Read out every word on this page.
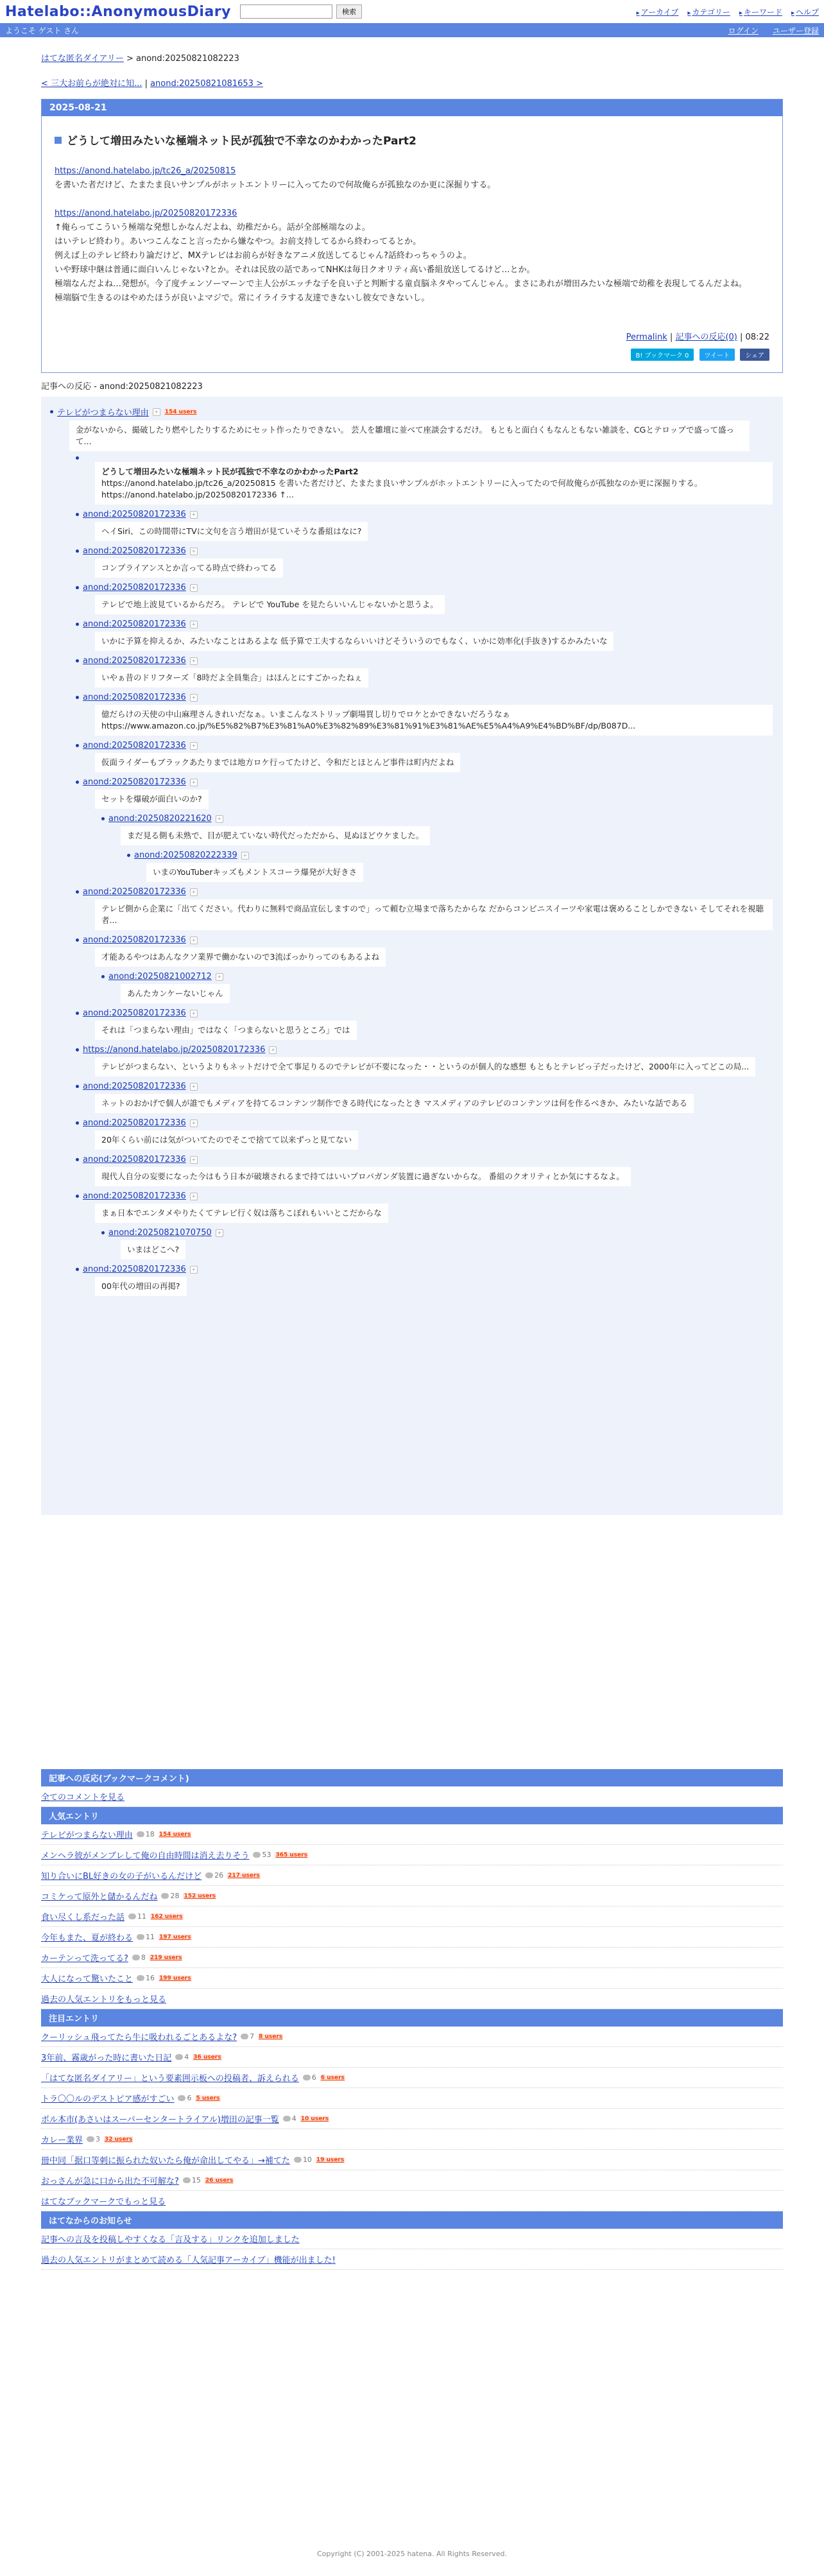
Hatelabo::AnonymousDiary	検索	▸ アーカイブ	▸ カテゴリー	▸ キーワード	▸ ヘルプ
ようこそ ゲスト さん	ログイン ユーザー登録
はてな匿名ダイアリー > anond:20250821082223
< 三大お前らが絶対に知... | anond:20250821081653 >
2025-08-21
どうして増田みたいな極端ネット民が孤独で不幸なのかわかったPart2

https://anond.hatelabo.jp/tc26_a/20250815

を書いた者だけど、たまたま良いサンプルがホットエントリーに入ってたので何故俺らが孤独なのか更に深掘りする。

https://anond.hatelabo.jp/20250820172336

↑俺らってこういう極端な発想しかなんだよね、幼稚だから。話が全部極端なのよ。

はいテレビ終わり。あいつこんなこと言ったから嫌なやつ。お前支持してるから終わってるとか。

例えば上のテレビ終わり論だけど、MXテレビはお前らが好きなアニメ放送してるじゃん?話終わっちゃうのよ。

いや野球中継は普通に面白いんじゃない?とか。それは民放の話であってNHKは毎日クオリティ高い番組放送してるけど…とか。

極端なんだよね…発想が。今了度チェンソーマーンで主人公がエッチな子を良い子と判断する童貞脳ネタやってんじゃん。まさにあれが増田みたいな極端で幼稚を表現してるんだよね。

極端脳で生きるのはやめたほうが良いよマジで。常にイライラする友達できないし彼女できないし。

Permalink | 記事への反応(0) | 08:22
B! ブックマーク 0 ツイート シェア
記事への反応 - anond:20250821082223
テレビがつまらない理由	+ 154 users
金がないから、撮破したり燃やしたりするためにセット作ったりできない。 芸人を雛壇に並べて座談会するだけ。 もともと面白くもなんともない雑談を、CGとテロップで盛って盛って...
どうして増田みたいな極端ネット民が孤独で不幸なのかわかったPart2
https://anond.hatelabo.jp/tc26_a/20250815 を書いた者だけど、たまたま良いサンプルがホットエントリーに入ってたので何故俺らが孤独なのか更に深掘りする。 https://anond.hatelabo.jp/20250820172336 ↑...
anond:20250820172336	+
ヘイSiri、この時間帯にTVに文句を言う増田が見ていそうな番組はなに?
anond:20250820172336	+
コンプライアンスとか言ってる時点で終わってる
anond:20250820172336	+
テレビで地上波見ているからだろ。 テレビで YouTube を見たらいいんじゃないかと思うよ。
anond:20250820172336	+
いかに予算を抑えるか、みたいなことはあるよな 低予算で工夫するならいいけどそういうのでもなく、いかに効率化(手抜き)するかみたいな
anond:20250820172336	+
いやぁ昔のドリフターズ「8時だよ全員集合」はほんとにすごかったねぇ
anond:20250820172336	+
億だらけの天使の中山麻理さんきれいだなぁ。いまこんなストリップ劇場買し切りでロケとかできないだろうなぁ https://www.amazon.co.jp/%E5%82%B7%E3%81%A0%E3%82%89%E3%81%91%E3%81%AE%E5%A4%A9%E4%BD%BF/dp/B087D...
anond:20250820172336	+
仮面ライダーもブラックあたりまでは地方ロケ行ってたけど、令和だとほとんど事件は町内だよね
anond:20250820172336	+
セットを爆破が面白いのか?
anond:20250820221620	+
まだ見る側も未熟で、目が肥えていない時代だっただから、見ぬほどウケました。
anond:20250820222339	+
いまのYouTuberキッズもメントスコーラ爆発が大好きさ
anond:20250820172336	+
テレビ側から企業に「出てください。代わりに無料で商品宣伝しますので」って頼む立場まで落ちたからな だからコンビニスイーツや家電は褒めることしかできない そしてそれを視聴者...
anond:20250820172336	+
才能あるやつはあんなクソ業界で働かないので3流ばっかりってのもあるよね
anond:20250821002712	+
あんたカンケーないじゃん
anond:20250820172336	+
それは「つまらない理由」ではなく「つまらないと思うところ」では
https://anond.hatelabo.jp/20250820172336	+
テレビがつまらない、というよりもネットだけで全て事足りるのでテレビが不要になった・・というのが個人的な感想 もともとテレビっ子だったけど、2000年に入ってどこの局...
anond:20250820172336	+
ネットのおかげで個人が誰でもメディアを持てるコンテンツ制作できる時代になったとき マスメディアのテレビのコンテンツは何を作るべきか、みたいな話である
anond:20250820172336	+
20年くらい前には気がついてたのでそこで捨てて以来ずっと見てない
anond:20250820172336	+
現代人自分の妄要になった今はもう日本が破壊されるまで持てはいいプロパガンダ装置に過ぎないからな。 番組のクオリティとか気にするなよ。
anond:20250820172336	+
まぁ日本でエンタメやりたくてテレビ行く奴は落ちこぼれもいいとこだからな
anond:20250821070750	+
いまはどこへ?
anond:20250820172336	+
00年代の増田の再掲?
記事への反応(ブックマークコメント)
全てのコメントを見る
人気エントリ
テレビがつまらない理由 18 154 users
メンヘラ彼がメンブレして俺の自由時間は消え去りそう 53 365 users
知り合いにBL好きの女の子がいるんだけど 26 217 users
コミケって原外と儲かるんだね 28 152 users
食い尽くし系だった話 11 162 users
今年もまた、夏が終わる 11 197 users
カーテンって洗ってる? 8 219 users
大人になって驚いたこと 16 199 users
過去の人気エントリをもっと見る
注目エントリ
クーリッシュ飛ってたら牛に吸われるごとあるよな? 7 8 users
3年前、霧歳がった時に書いた日記 4 36 users
「はてな匿名ダイアリー」という要素囲示板への投稿者、訴えられる 6 6 users
トラ〇〇ルのデストピア感がすごい 6 5 users
ポル本市(あさいはスーパーセンタートライアル)増田の記事一覧 4 10 users
カレー業界 3 32 users
冊中同「据口等刺に振られた奴いたら俺が命出してやる」→補てた 10 19 users
おっさんが急に口から出た不可解な? 15 26 users
はてなブックマークでもっと見る
はてなからのお知らせ
記事への言及を投稿しやすくなる「言及する」リンクを追加しました
過去の人気エントリがまとめて読める「人気記事アーカイブ」機能が出ました!
Copyright (C) 2001-2025 hatena. All Rights Reserved.
